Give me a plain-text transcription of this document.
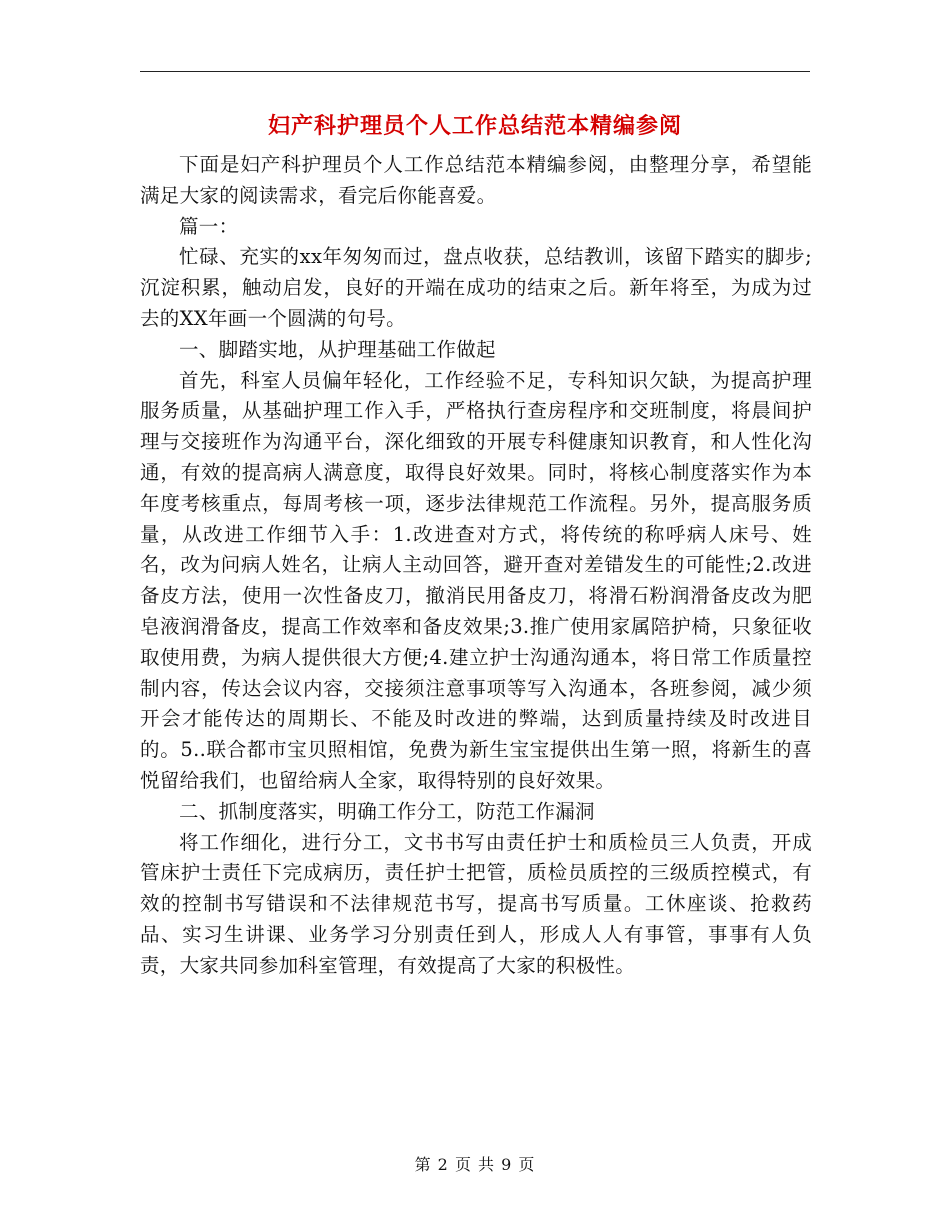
妇产科护理员个人工作总结范本精编参阅

下面是妇产科护理员个人工作总结范本精编参阅，由整理分享，希望能满足大家的阅读需求，看完后你能喜爱。

篇一：

忙碌、充实的xx年匆匆而过，盘点收获，总结教训，该留下踏实的脚步;沉淀积累，触动启发，良好的开端在成功的结束之后。新年将至，为成为过去的XX年画一个圆满的句号。

一、脚踏实地，从护理基础工作做起

首先，科室人员偏年轻化，工作经验不足，专科知识欠缺，为提高护理服务质量，从基础护理工作入手，严格执行查房程序和交班制度，将晨间护理与交接班作为沟通平台，深化细致的开展专科健康知识教育，和人性化沟通，有效的提高病人满意度，取得良好效果。同时，将核心制度落实作为本年度考核重点，每周考核一项，逐步法律规范工作流程。另外，提高服务质量，从改进工作细节入手：1.改进查对方式，将传统的称呼病人床号、姓名，改为问病人姓名，让病人主动回答，避开查对差错发生的可能性;2.改进备皮方法，使用一次性备皮刀，撤消民用备皮刀，将滑石粉润滑备皮改为肥皂液润滑备皮，提高工作效率和备皮效果;3.推广使用家属陪护椅，只象征收取使用费，为病人提供很大方便;4.建立护士沟通沟通本，将日常工作质量控制内容，传达会议内容，交接须注意事项等写入沟通本，各班参阅，减少须开会才能传达的周期长、不能及时改进的弊端，达到质量持续及时改进目的。5..联合都市宝贝照相馆，免费为新生宝宝提供出生第一照，将新生的喜悦留给我们，也留给病人全家，取得特别的良好效果。

二、抓制度落实，明确工作分工，防范工作漏洞

将工作细化，进行分工，文书书写由责任护士和质检员三人负责，开成管床护士责任下完成病历，责任护士把管，质检员质控的三级质控模式，有效的控制书写错误和不法律规范书写，提高书写质量。工休座谈、抢救药品、实习生讲课、业务学习分别责任到人，形成人人有事管，事事有人负责，大家共同参加科室管理，有效提高了大家的积极性。

第 2 页 共 9 页
